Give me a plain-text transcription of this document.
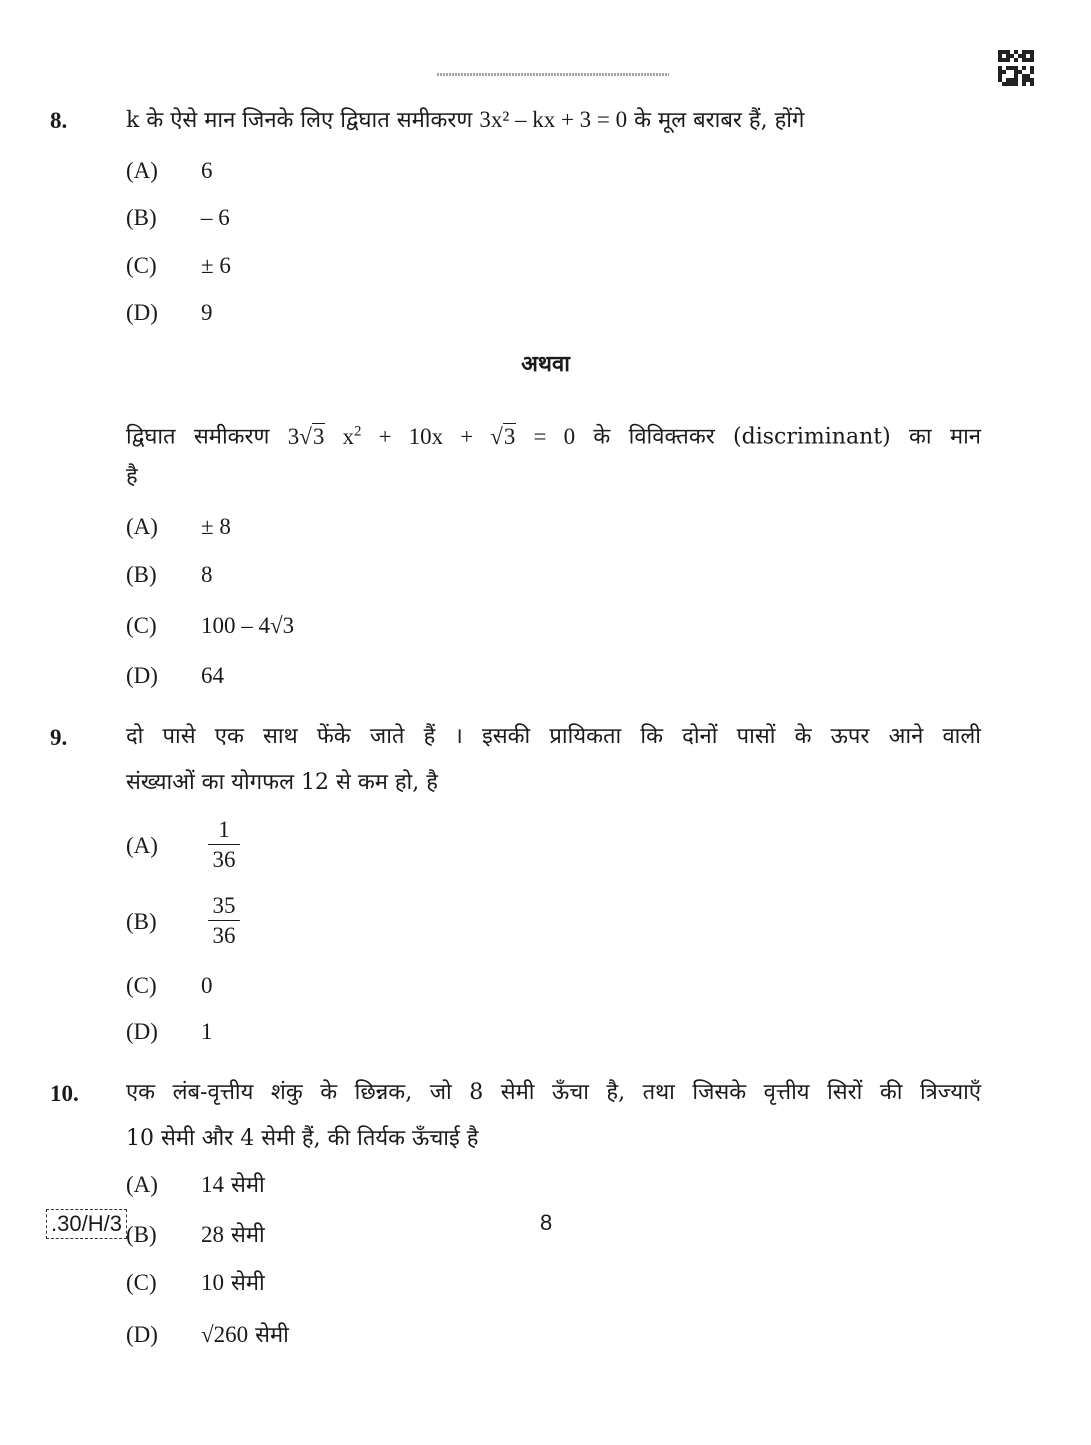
8.	k के ऐसे मान जिनके लिए द्विघात समीकरण 3x² – kx + 3 = 0 के मूल बराबर हैं, होंगे
(A) 6
(B) – 6
(C) ± 6
(D) 9
अथवा
द्विघात समीकरण 3√3 $x^2 + 10x + √3 = 0$ के विविक्तकर (discriminant) का मान
है
(A) ± 8
(B) 8
(C) 100 – 4√3
(D) 64
9.	दो पासे एक साथ फेंके जाते हैं । इसकी प्रायिकता कि दोनों पासों के ऊपर आने वाली
संख्याओं का योगफल 12 से कम हो, है
$(A) \frac{1}{36}$
$(B) \frac{35}{36}$
(C) 0
(D) 1
10. एक लंब-वृत्तीय शंकु के छिन्नक, जो 8 सेमी ऊँचा है, तथा जिसके वृत्तीय सिरों की त्रिज्याएँ
10 सेमी और 4 सेमी हैं, की तिर्यक ऊँचाई है
(A) 14 सेमी
(B) 28 सेमी
(C) 10 सेमी
(D) √260 सेमी
.30/H/3	8
